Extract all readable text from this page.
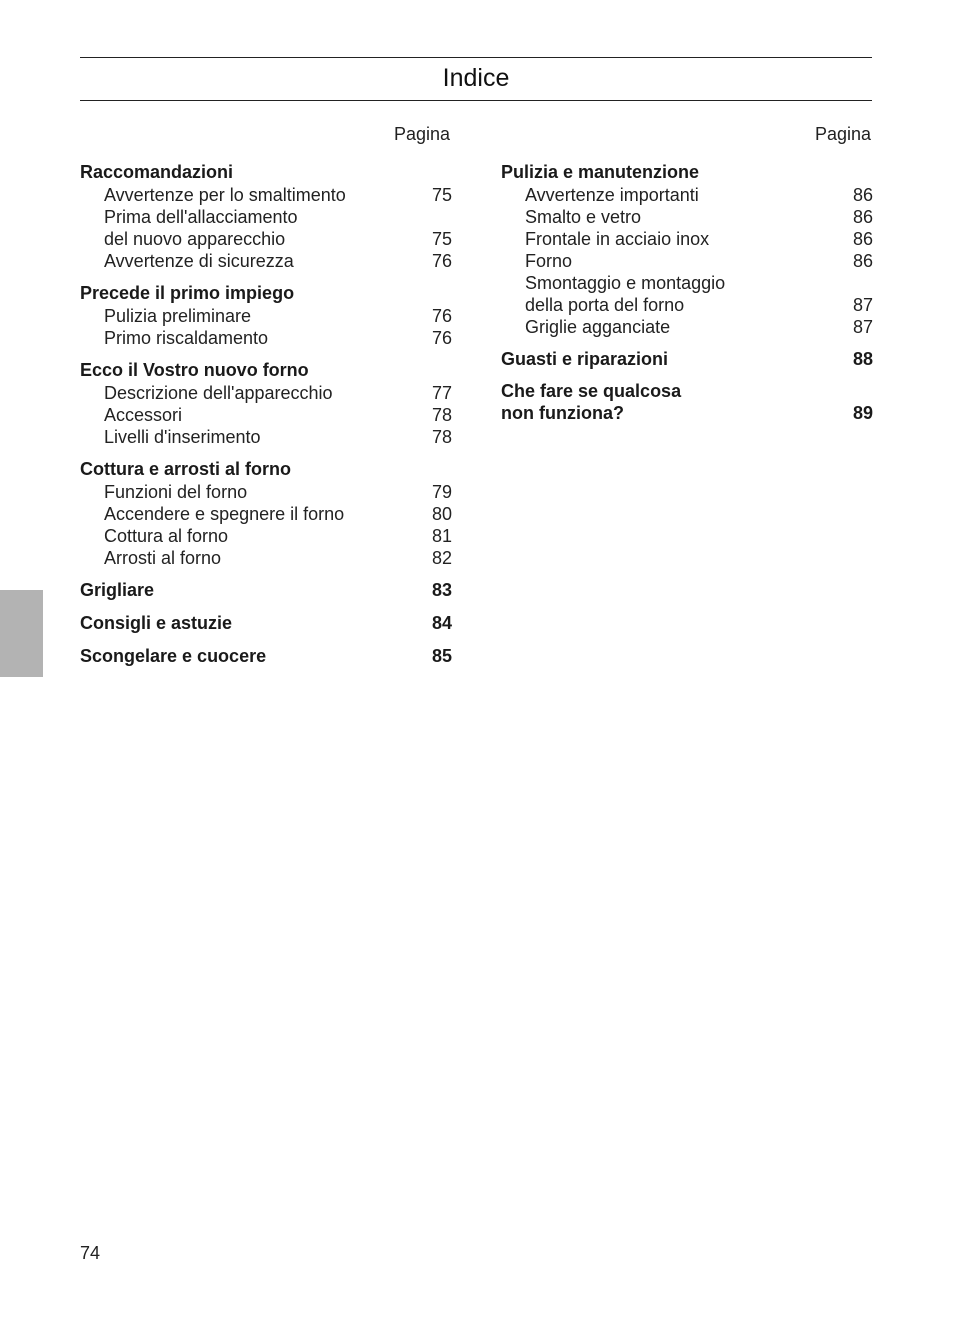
Indice
Pagina
Raccomandazioni
Avvertenze per lo smaltimento	75
Prima dell'allacciamento
del nuovo apparecchio	75
Avvertenze di sicurezza	76
Precede il primo impiego
Pulizia preliminare	76
Primo riscaldamento	76
Ecco il Vostro nuovo forno
Descrizione dell'apparecchio	77
Accessori	78
Livelli d'inserimento	78
Cottura e arrosti al forno
Funzioni del forno	79
Accendere e spegnere il forno	80
Cottura al forno	81
Arrosti al forno	82
Grigliare	83
Consigli e astuzie	84
Scongelare e cuocere	85
Pagina
Pulizia e manutenzione
Avvertenze importanti	86
Smalto e vetro	86
Frontale in acciaio inox	86
Forno	86
Smontaggio e montaggio
della porta del forno	87
Griglie agganciate	87
Guasti e riparazioni	88
Che fare se qualcosa
non funziona?	89
74
